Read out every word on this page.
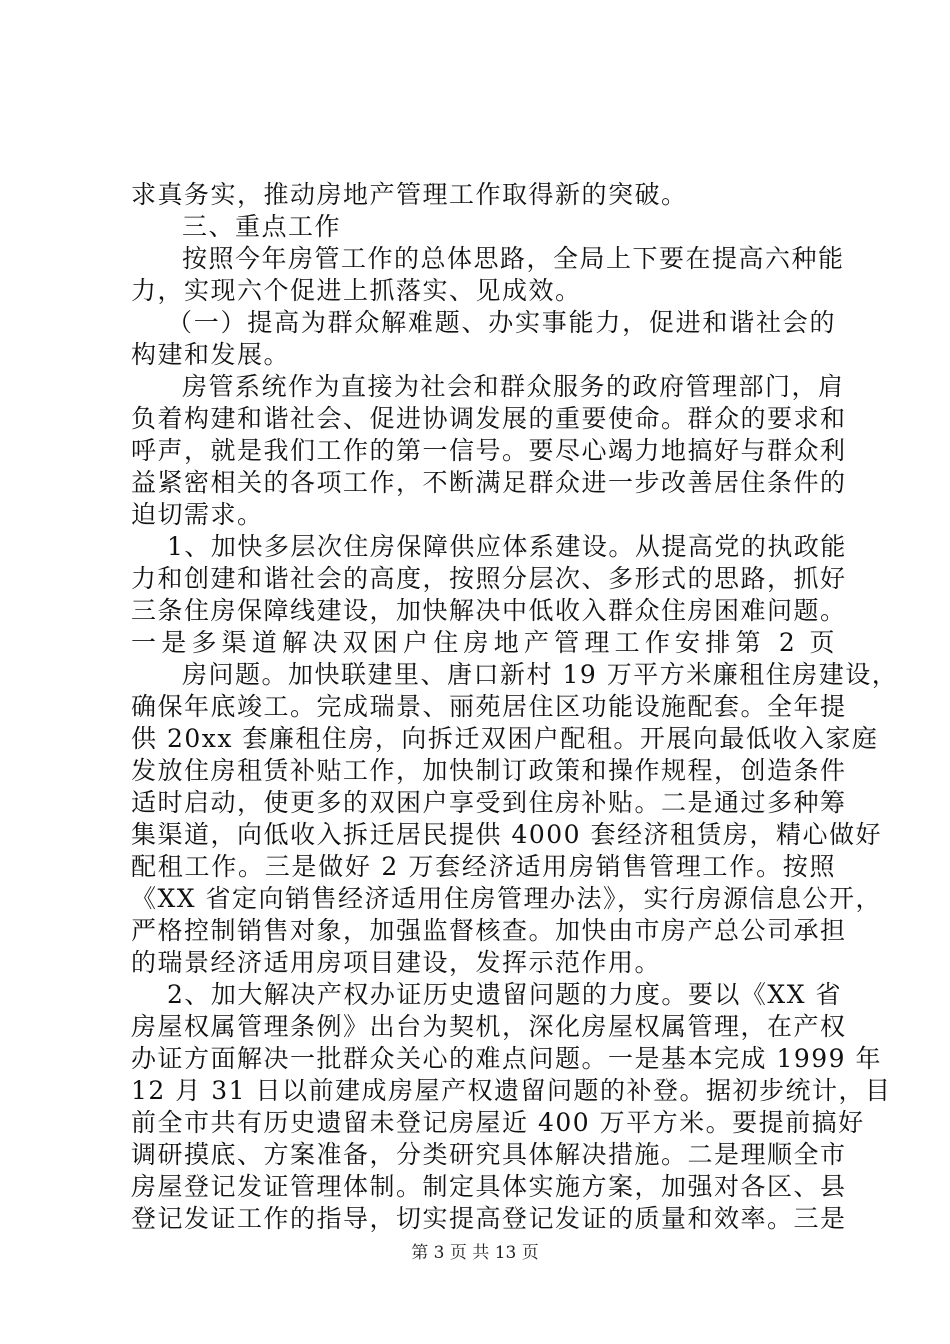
求真务实，推动房地产管理工作取得新的突破。
三、重点工作
按照今年房管工作的总体思路，全局上下要在提高六种能
力，实现六个促进上抓落实、见成效。
（一）提高为群众解难题、办实事能力，促进和谐社会的
构建和发展。
房管系统作为直接为社会和群众服务的政府管理部门，肩
负着构建和谐社会、促进协调发展的重要使命。群众的要求和
呼声，就是我们工作的第一信号。要尽心竭力地搞好与群众利
益紧密相关的各项工作，不断满足群众进一步改善居住条件的
迫切需求。
1、加快多层次住房保障供应体系建设。从提高党的执政能
力和创建和谐社会的高度，按照分层次、多形式的思路，抓好
三条住房保障线建设，加快解决中低收入群众住房困难问题。
一是多渠道解决双困户住房地产管理工作安排第 2 页
房问题。加快联建里、唐口新村 19 万平方米廉租住房建设，
确保年底竣工。完成瑞景、丽苑居住区功能设施配套。全年提
供 20xx 套廉租住房，向拆迁双困户配租。开展向最低收入家庭
发放住房租赁补贴工作，加快制订政策和操作规程，创造条件
适时启动，使更多的双困户享受到住房补贴。二是通过多种筹
集渠道，向低收入拆迁居民提供 4000 套经济租赁房，精心做好
配租工作。三是做好 2 万套经济适用房销售管理工作。按照
《XX 省定向销售经济适用住房管理办法》，实行房源信息公开，
严格控制销售对象，加强监督核查。加快由市房产总公司承担
的瑞景经济适用房项目建设，发挥示范作用。
2、加大解决产权办证历史遗留问题的力度。要以《XX 省
房屋权属管理条例》出台为契机，深化房屋权属管理，在产权
办证方面解决一批群众关心的难点问题。一是基本完成 1999 年
12 月 31 日以前建成房屋产权遗留问题的补登。据初步统计，目
前全市共有历史遗留未登记房屋近 400 万平方米。要提前搞好
调研摸底、方案准备，分类研究具体解决措施。二是理顺全市
房屋登记发证管理体制。制定具体实施方案，加强对各区、县
登记发证工作的指导，切实提高登记发证的质量和效率。三是
第 3 页 共 13 页
